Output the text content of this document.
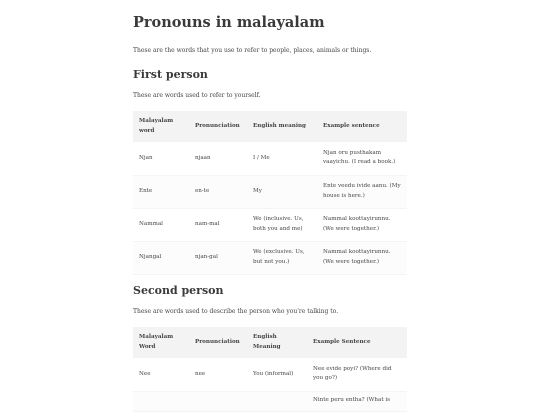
Pronouns in malayalam

These are the words that you use to refer to people, places, animals or things.

First person

These are words used to refer to yourself.

Malayalam word	Pronunciation	English meaning	Example sentence
Njan	njaan	I / Me	Njan oru pusthakam vaayichu. (I read a book.)
Ente	en-te	My	Ente veedu ivide aanu. (My house is here.)
Nammal	nam-mal	We (inclusive. Us, both you and me)	Nammal koottayirunnu. (We were together.)
Njangal	njan-gal	We (exclusive. Us, but not you.)	Nammal koottayirunnu. (We were together.)
Second person

These are words used to describe the person who you're talking to.

Malayalam Word	Pronunciation	English Meaning	Example Sentence
Nee	nee	You (informal)	Nee evide poyi? (Where did you go?)
			Ninte peru entha? (What is
